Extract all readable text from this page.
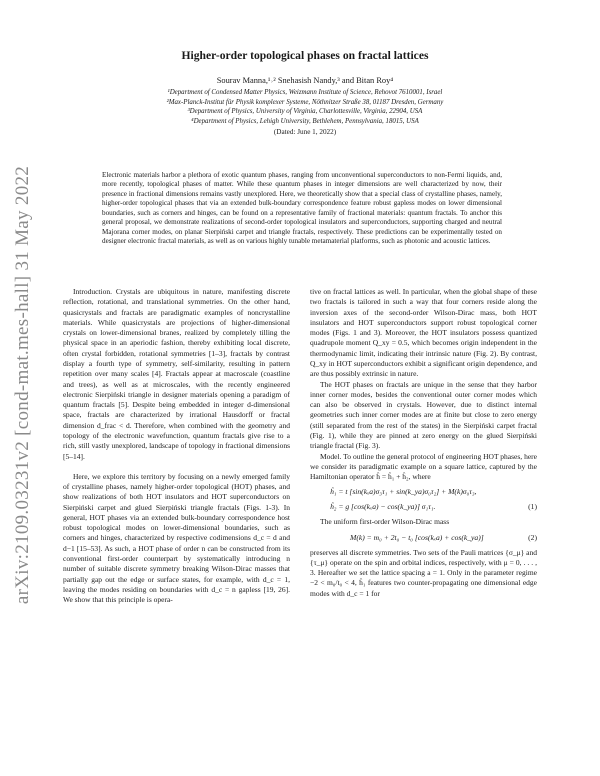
arXiv:2109.03231v2 [cond-mat.mes-hall] 31 May 2022
Higher-order topological phases on fractal lattices
Sourav Manna,¹˒² Snehasish Nandy,³ and Bitan Roy⁴
¹Department of Condensed Matter Physics, Weizmann Institute of Science, Rehovot 7610001, Israel
²Max-Planck-Institut für Physik komplexer Systeme, Nöthnitzer Straße 38, 01187 Dresden, Germany
³Department of Physics, University of Virginia, Charlottesville, Virginia, 22904, USA
⁴Department of Physics, Lehigh University, Bethlehem, Pennsylvania, 18015, USA
(Dated: June 1, 2022)

Electronic materials harbor a plethora of exotic quantum phases, ranging from unconventional superconductors to non-Fermi liquids, and, more recently, topological phases of matter. While these quantum phases in integer dimensions are well characterized by now, their presence in fractional dimensions remains vastly unexplored. Here, we theoretically show that a special class of crystalline phases, namely, higher-order topological phases that via an extended bulk-boundary correspondence feature robust gapless modes on lower dimensional boundaries, such as corners and hinges, can be found on a representative family of fractional materials: quantum fractals. To anchor this general proposal, we demonstrate realizations of second-order topological insulators and superconductors, supporting charged and neutral Majorana corner modes, on planar Sierpiński carpet and triangle fractals, respectively. These predictions can be experimentally tested on designer electronic fractal materials, as well as on various highly tunable metamaterial platforms, such as photonic and acoustic lattices.

Introduction. Crystals are ubiquitous in nature, manifesting discrete reflection, rotational, and translational symmetries. On the other hand, quasicrystals and fractals are paradigmatic examples of noncrystalline materials. While quasicrystals are projections of higher-dimensional crystals on lower-dimensional branes, realized by completely tilling the physical space in an aperiodic fashion, thereby exhibiting local discrete, often crystal forbidden, rotational symmetries [1–3], fractals by contrast display a fourth type of symmetry, self-similarity, resulting in pattern repetition over many scales [4]. Fractals appear at macroscale (coastline and trees), as well as at microscales, with the recently engineered electronic Sierpiński triangle in designer materials opening a paradigm of quantum fractals [5]. Despite being embedded in integer d-dimensional space, fractals are characterized by irrational Hausdorff or fractal dimension d_frac < d. Therefore, when combined with the geometry and topology of the electronic wavefunction, quantum fractals give rise to a rich, still vastly unexplored, landscape of topology in fractional dimensions [5–14].

Here, we explore this territory by focusing on a newly emerged family of crystalline phases, namely higher-order topological (HOT) phases, and show realizations of both HOT insulators and HOT superconductors on Sierpiński carpet and glued Sierpiński triangle fractals (Figs. 1-3). In general, HOT phases via an extended bulk-boundary correspondence host robust topological modes on lower-dimensional boundaries, such as corners and hinges, characterized by respective codimensions d_c = d and d−1 [15–53]. As such, a HOT phase of order n can be constructed from its conventional first-order counterpart by systematically introducing n number of suitable discrete symmetry breaking Wilson-Dirac masses that partially gap out the edge or surface states, for example, with d_c = 1, leaving the modes residing on boundaries with d_c = n gapless [19, 26]. We show that this principle is opera-

tive on fractal lattices as well. In particular, when the global shape of these two fractals is tailored in such a way that four corners reside along the inversion axes of the second-order Wilson-Dirac mass, both HOT insulators and HOT superconductors support robust topological corner modes (Figs. 1 and 3). Moreover, the HOT insulators possess quantized quadrupole moment Q_xy = 0.5, which becomes origin independent in the thermodynamic limit, indicating their intrinsic nature (Fig. 2). By contrast, Q_xy in HOT superconductors exhibit a significant origin dependence, and are thus possibly extrinsic in nature.

The HOT phases on fractals are unique in the sense that they harbor inner corner modes, besides the conventional outer corner modes which can also be observed in crystals. However, due to distinct internal geometries such inner corner modes are at finite but close to zero energy (still separated from the rest of the states) in the Sierpiński carpet fractal (Fig. 1), while they are pinned at zero energy on the glued Sierpiński triangle fractal (Fig. 3).

Model. To outline the general protocol of engineering HOT phases, here we consider its paradigmatic example on a square lattice, captured by the Hamiltonian operator ĥ = ĥ₁ + ĥ₂, where

ĥ₁ = t [sin(kₓa)σ₃τ₁ + sin(k_ya)σ₀τ₂] + M(k)σ₀τ₃,
ĥ₂ = g [cos(kₓa) − cos(k_ya)] σ₁τ₁.	(1)

The uniform first-order Wilson-Dirac mass

M(k) = m₀ + 2t₀ − t₀ [cos(kₓa) + cos(k_ya)]	(2)

preserves all discrete symmetries. Two sets of the Pauli matrices {σ_μ} and {τ_μ} operate on the spin and orbital indices, respectively, with μ = 0, . . . , 3. Hereafter we set the lattice spacing a = 1. Only in the parameter regime −2 < m₀/t₀ < 4, ĥ₁ features two counter-propagating one dimensional edge modes with d_c = 1 for
